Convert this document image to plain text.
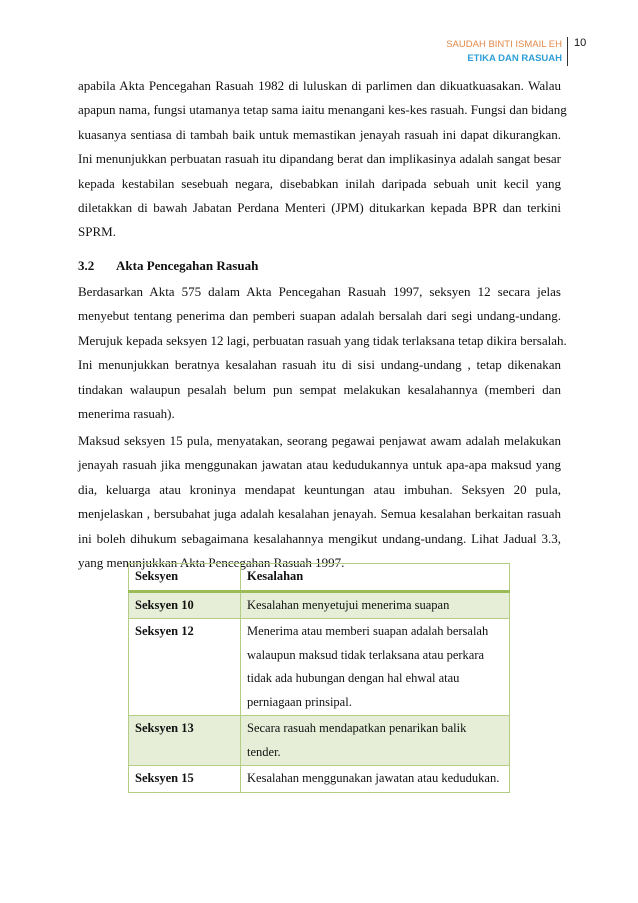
SAUDAH BINTI ISMAIL EH
ETIKA DAN RASUAH
10
apabila Akta Pencegahan Rasuah 1982 di luluskan di parlimen dan dikuatkuasakan. Walau
apapun nama, fungsi utamanya tetap sama iaitu menangani kes-kes rasuah. Fungsi dan bidang
kuasanya sentiasa di tambah baik untuk memastikan jenayah rasuah ini dapat dikurangkan.
Ini menunjukkan perbuatan rasuah itu dipandang berat dan implikasinya adalah sangat besar
kepada kestabilan sesebuah negara, disebabkan inilah daripada sebuah unit kecil yang
diletakkan di bawah Jabatan Perdana Menteri (JPM) ditukarkan kepada BPR dan terkini
SPRM.
3.2 Akta Pencegahan Rasuah
Berdasarkan Akta 575 dalam Akta Pencegahan Rasuah 1997, seksyen 12 secara jelas
menyebut tentang penerima dan pemberi suapan adalah bersalah dari segi undang-undang.
Merujuk kepada seksyen 12 lagi, perbuatan rasuah yang tidak terlaksana tetap dikira bersalah.
Ini menunjukkan beratnya kesalahan rasuah itu di sisi undang-undang , tetap dikenakan
tindakan walaupun pesalah belum pun sempat melakukan kesalahannya (memberi dan
menerima rasuah).
Maksud seksyen 15 pula, menyatakan, seorang pegawai penjawat awam adalah melakukan
jenayah rasuah jika menggunakan jawatan atau kedudukannya untuk apa-apa maksud yang
dia, keluarga atau kroninya mendapat keuntungan atau imbuhan. Seksyen 20 pula,
menjelaskan , bersubahat juga adalah kesalahan jenayah. Semua kesalahan berkaitan rasuah
ini boleh dihukum sebagaimana kesalahannya mengikut undang-undang. Lihat Jadual 3.3,
yang menunjukkan Akta Pencegahan Rasuah 1997.
Seksyen	Kesalahan
Seksyen 10	Kesalahan menyetujui menerima suapan
Seksyen 12	Menerima atau memberi suapan adalah bersalah walaupun maksud tidak terlaksana atau perkara tidak ada hubungan dengan hal ehwal atau perniagaan prinsipal.
Seksyen 13	Secara rasuah mendapatkan penarikan balik tender.
Seksyen 15	Kesalahan menggunakan jawatan atau kedudukan.
